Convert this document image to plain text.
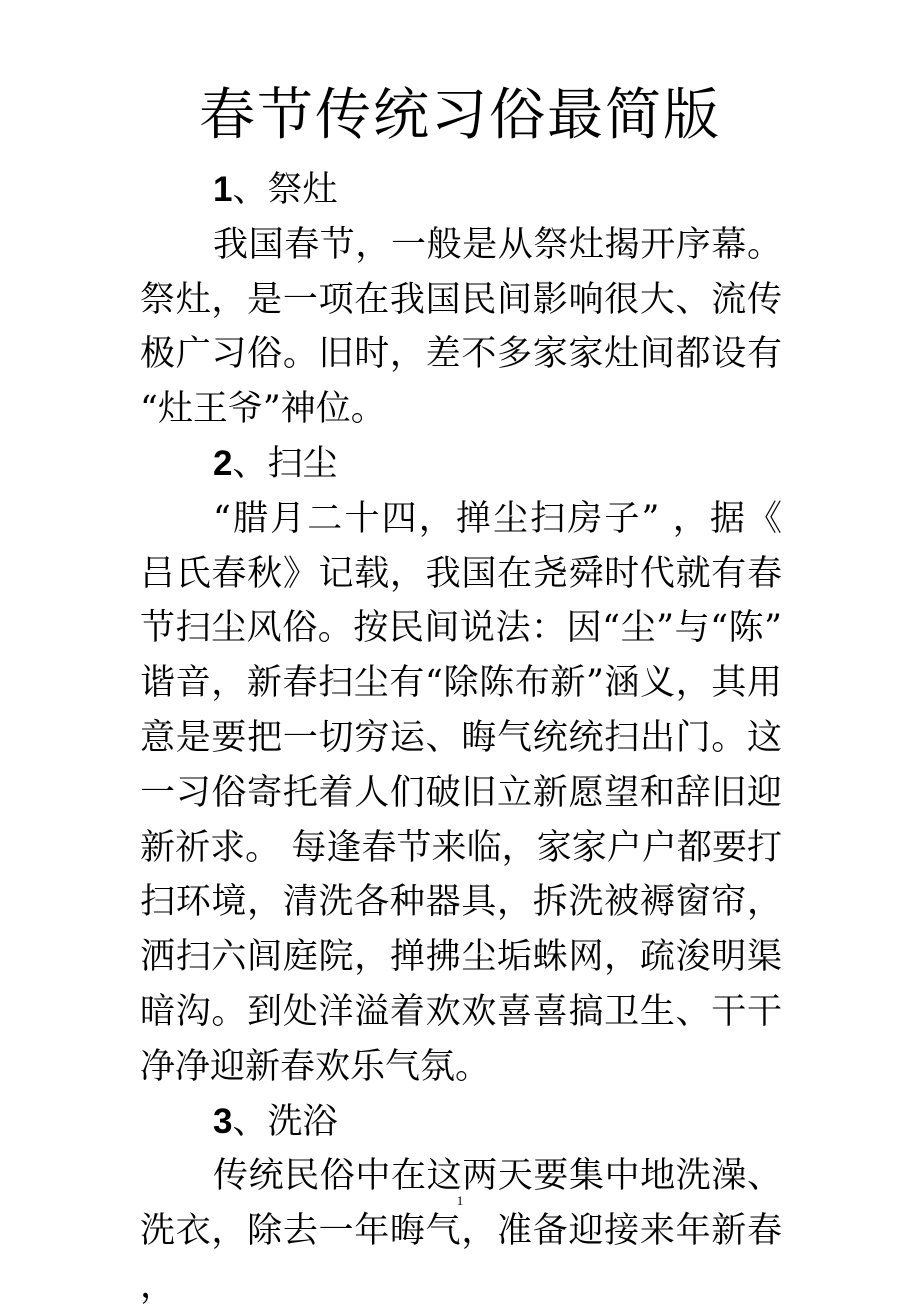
春节传统习俗最简版

1、祭灶

我国春节，一般是从祭灶揭开序幕。祭灶，是一项在我国民间影响很大、流传极广习俗。旧时，差不多家家灶间都设有“灶王爷”神位。

2、扫尘

“腊月二十四，掸尘扫房子” ，据《吕氏春秋》记载，我国在尧舜时代就有春节扫尘风俗。按民间说法：因“尘”与“陈”谐音，新春扫尘有“除陈布新”涵义，其用意是要把一切穷运、晦气统统扫出门。这一习俗寄托着人们破旧立新愿望和辞旧迎新祈求。 每逢春节来临，家家户户都要打扫环境，清洗各种器具，拆洗被褥窗帘，洒扫六闾庭院，掸拂尘垢蛛网，疏浚明渠暗沟。到处洋溢着欢欢喜喜搞卫生、干干净净迎新春欢乐气氛。

3、洗浴

传统民俗中在这两天要集中地洗澡、洗衣，除去一年晦气，准备迎接来年新春，

1
